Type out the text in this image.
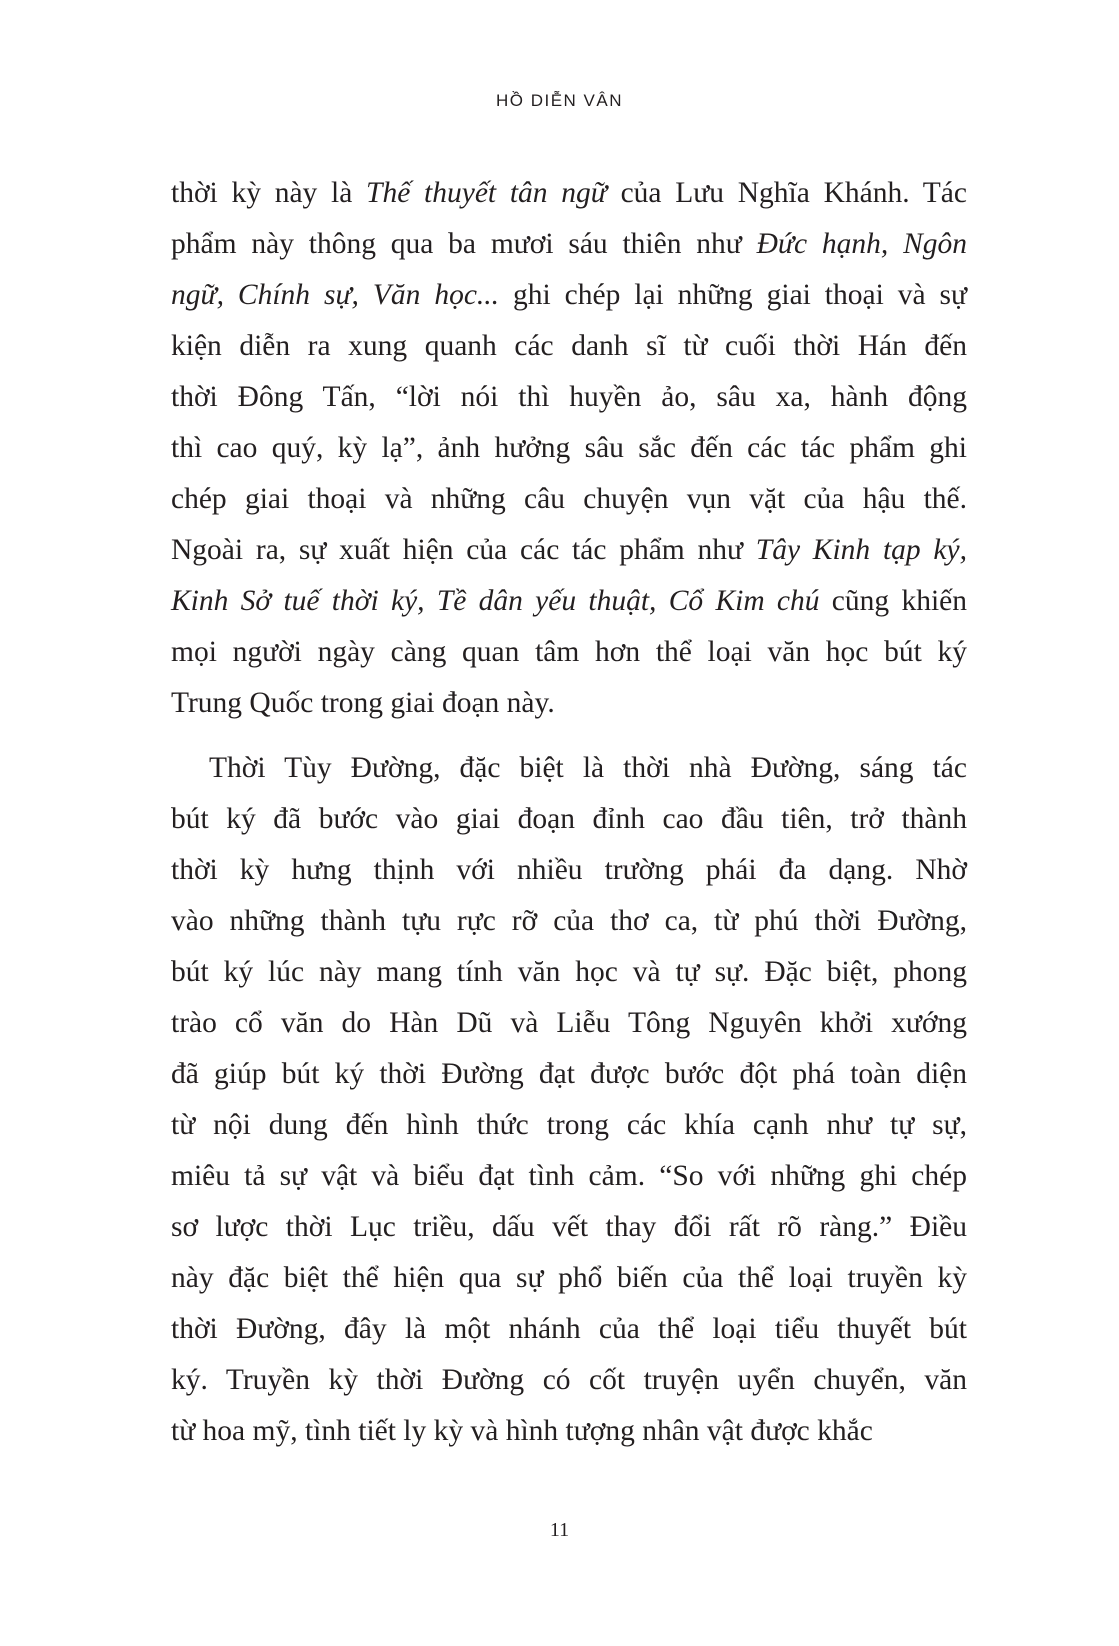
HỒ DIỄN VÂN
thời kỳ này là Thế thuyết tân ngữ của Lưu Nghĩa Khánh. Tác
phẩm này thông qua ba mươi sáu thiên như Đức hạnh, Ngôn
ngữ, Chính sự, Văn học... ghi chép lại những giai thoại và sự
kiện diễn ra xung quanh các danh sĩ từ cuối thời Hán đến
thời Đông Tấn, “lời nói thì huyền ảo, sâu xa, hành động
thì cao quý, kỳ lạ”, ảnh hưởng sâu sắc đến các tác phẩm ghi
chép giai thoại và những câu chuyện vụn vặt của hậu thế.
Ngoài ra, sự xuất hiện của các tác phẩm như Tây Kinh tạp ký,
Kinh Sở tuế thời ký, Tề dân yếu thuật, Cổ Kim chú cũng khiến
mọi người ngày càng quan tâm hơn thể loại văn học bút ký
Trung Quốc trong giai đoạn này.
Thời Tùy Đường, đặc biệt là thời nhà Đường, sáng tác
bút ký đã bước vào giai đoạn đỉnh cao đầu tiên, trở thành
thời kỳ hưng thịnh với nhiều trường phái đa dạng. Nhờ
vào những thành tựu rực rỡ của thơ ca, từ phú thời Đường,
bút ký lúc này mang tính văn học và tự sự. Đặc biệt, phong
trào cổ văn do Hàn Dũ và Liễu Tông Nguyên khởi xướng
đã giúp bút ký thời Đường đạt được bước đột phá toàn diện
từ nội dung đến hình thức trong các khía cạnh như tự sự,
miêu tả sự vật và biểu đạt tình cảm. “So với những ghi chép
sơ lược thời Lục triều, dấu vết thay đổi rất rõ ràng.” Điều
này đặc biệt thể hiện qua sự phổ biến của thể loại truyền kỳ
thời Đường, đây là một nhánh của thể loại tiểu thuyết bút
ký. Truyền kỳ thời Đường có cốt truyện uyển chuyển, văn
từ hoa mỹ, tình tiết ly kỳ và hình tượng nhân vật được khắc
11
